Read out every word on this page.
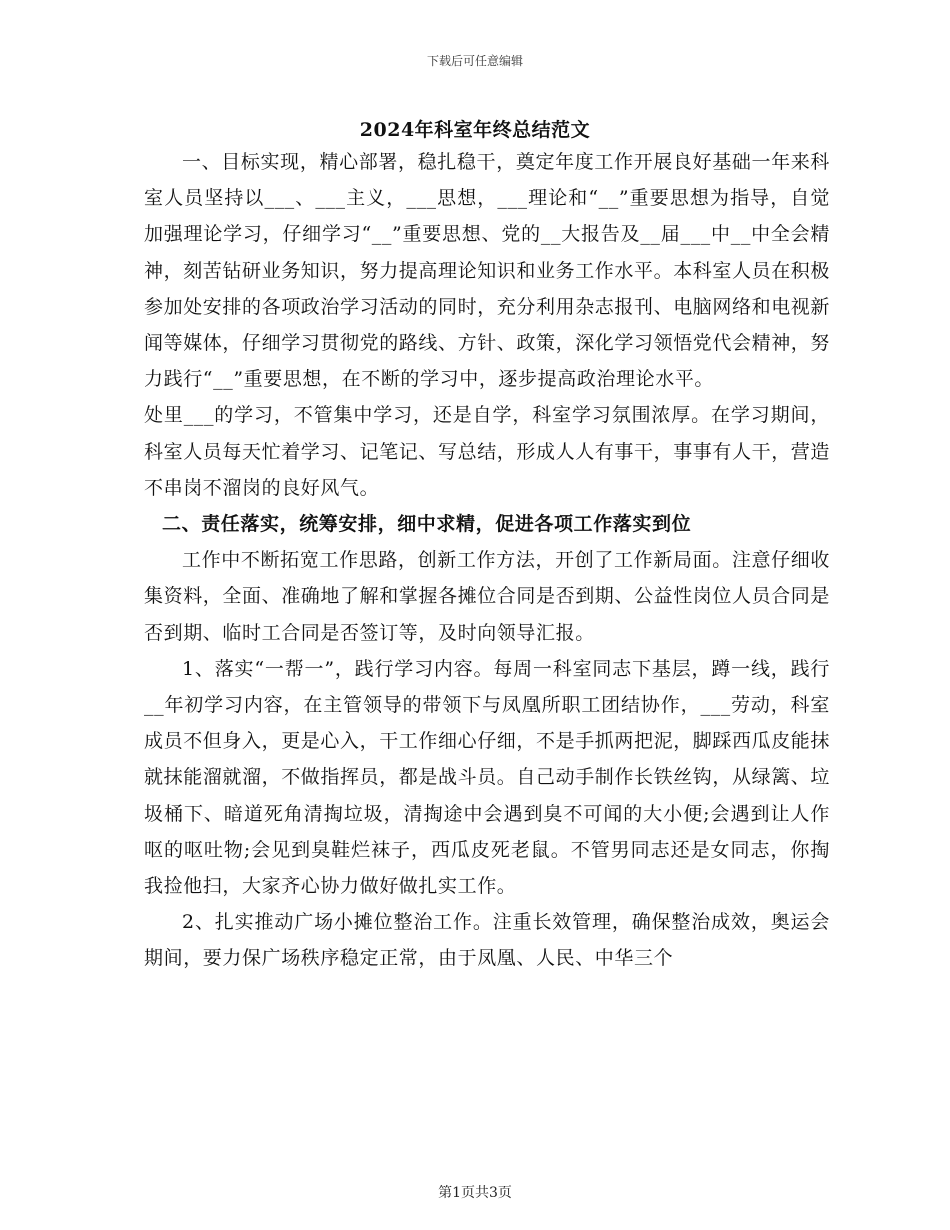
下载后可任意编辑
2024年科室年终总结范文

一、目标实现，精心部署，稳扎稳干，奠定年度工作开展良好基础一年来科室人员坚持以___、___主义，___思想，___理论和“__”重要思想为指导，自觉加强理论学习，仔细学习“__”重要思想、党的__大报告及__届___中__中全会精神，刻苦钻研业务知识，努力提高理论知识和业务工作水平。本科室人员在积极参加处安排的各项政治学习活动的同时，充分利用杂志报刊、电脑网络和电视新闻等媒体，仔细学习贯彻党的路线、方针、政策，深化学习领悟党代会精神，努力践行“__”重要思想，在不断的学习中，逐步提高政治理论水平。

处里___的学习，不管集中学习，还是自学，科室学习氛围浓厚。在学习期间，科室人员每天忙着学习、记笔记、写总结，形成人人有事干，事事有人干，营造不串岗不溜岗的良好风气。

二、责任落实，统筹安排，细中求精，促进各项工作落实到位

工作中不断拓宽工作思路，创新工作方法，开创了工作新局面。注意仔细收集资料，全面、准确地了解和掌握各摊位合同是否到期、公益性岗位人员合同是否到期、临时工合同是否签订等，及时向领导汇报。

1、落实“一帮一”，践行学习内容。每周一科室同志下基层，蹲一线，践行__年初学习内容，在主管领导的带领下与凤凰所职工团结协作，___劳动，科室成员不但身入，更是心入，干工作细心仔细，不是手抓两把泥，脚踩西瓜皮能抹就抹能溜就溜，不做指挥员，都是战斗员。自己动手制作长铁丝钩，从绿篱、垃圾桶下、暗道死角清掏垃圾，清掏途中会遇到臭不可闻的大小便;会遇到让人作呕的呕吐物;会见到臭鞋烂袜子，西瓜皮死老鼠。不管男同志还是女同志，你掏我捡他扫，大家齐心协力做好做扎实工作。

2、扎实推动广场小摊位整治工作。注重长效管理，确保整治成效，奥运会期间，要力保广场秩序稳定正常，由于凤凰、人民、中华三个

第1页共3页
